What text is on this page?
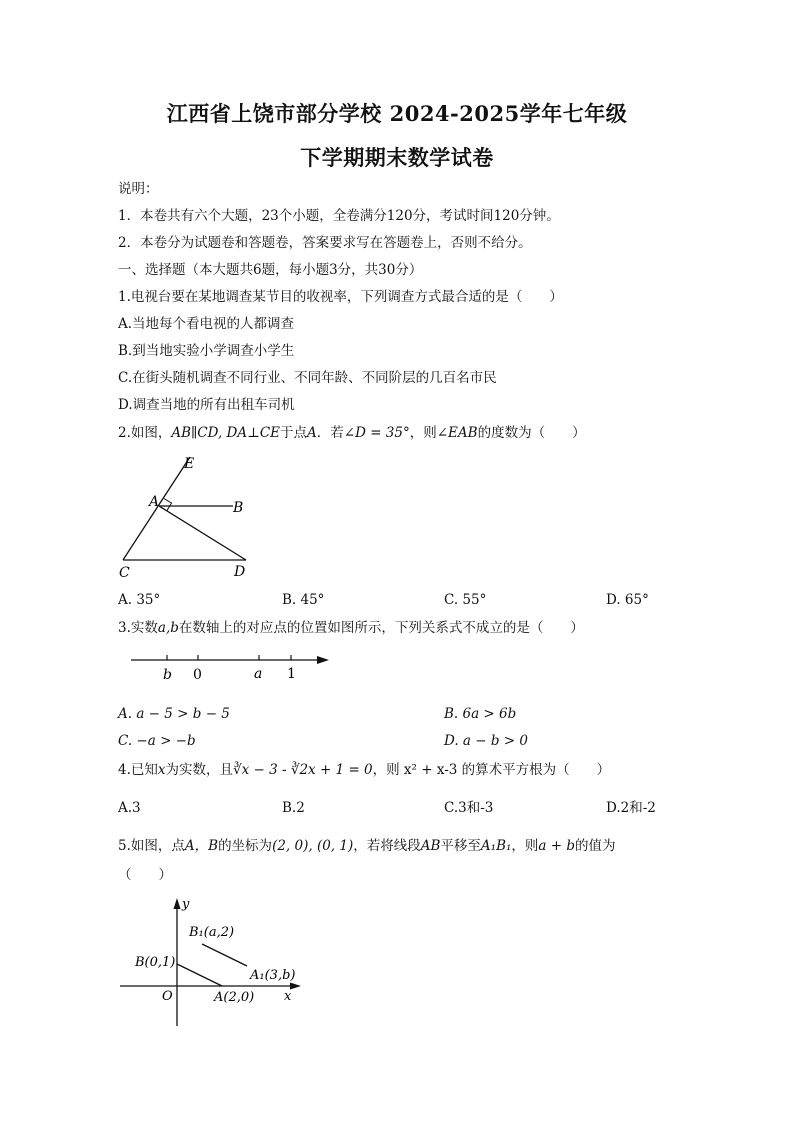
江西省上饶市部分学校 2024-2025学年七年级
下学期期末数学试卷
说明：
1．本卷共有六个大题，23个小题，全卷满分120分，考试时间120分钟。
2．本卷分为试题卷和答题卷，答案要求写在答题卷上，否则不给分。
一、选择题（本大题共6题，每小题3分，共30分）
1.电视台要在某地调查某节目的收视率，下列调查方式最合适的是（　　）
A.当地每个看电视的人都调查
B.到当地实验小学调查小学生
C.在街头随机调查不同行业、不同年龄、不同阶层的几百名市民
D.调查当地的所有出租车司机
2.如图，AB∥CD, DA⊥CE于点A．若∠D = 35°，则∠EAB的度数为（　　）
E
A	B
C	D
A. 35°	B. 45°	C. 55°	D. 65°
3.实数a,b在数轴上的对应点的位置如图所示，下列关系式不成立的是（　　）
b 0	a 1
A. a − 5 > b − 5	B. 6a > 6b
C. −a > −b	D. a − b > 0
4.已知x为实数，且∛x − 3 - ∛2x + 1 = 0，则 x² + x-3 的算术平方根为（　　）
A.3	B.2	C.3和-3	D.2和-2
5.如图，点A，B的坐标为(2, 0), (0, 1)，若将线段AB平移至A₁B₁，则a + b的值为
（　　）
y
x
O
B₁(a,2)
B(0,1)
A₁(3,b)
A(2,0)
